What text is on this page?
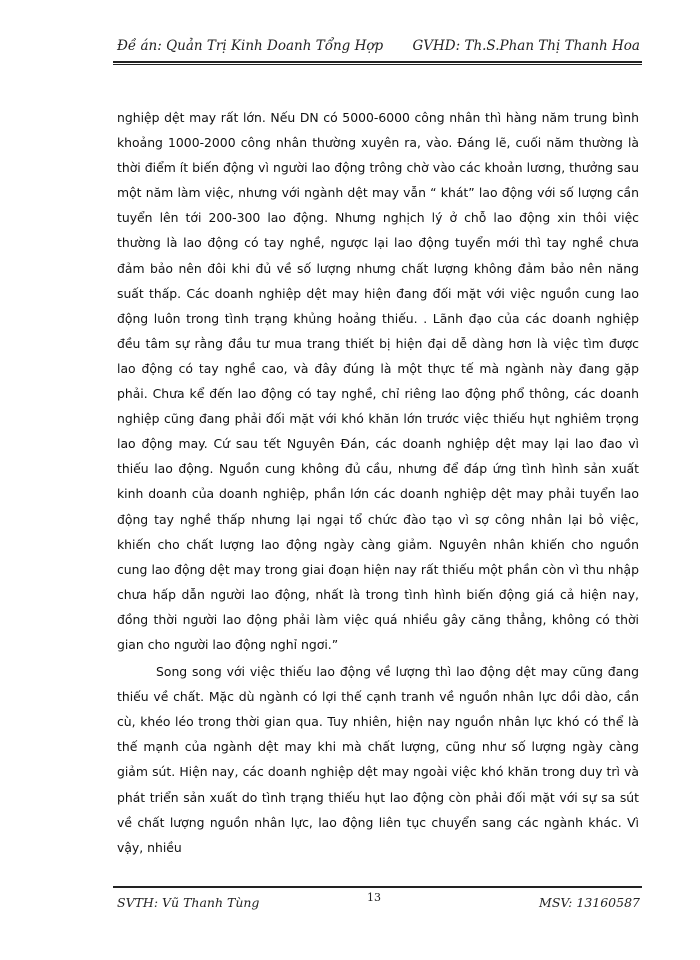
Đề án: Quản Trị Kinh Doanh Tổng Hợp GVHD: Th.S.Phan Thị Thanh Hoa

nghiệp dệt may rất lớn. Nếu DN có 5000-6000 công nhân thì hàng năm trung bình khoảng 1000-2000 công nhân thường xuyên ra, vào. Đáng lẽ, cuối năm thường là thời điểm ít biến động vì người lao động trông chờ vào các khoản lương, thưởng sau một năm làm việc, nhưng với ngành dệt may vẫn “ khát” lao động với số lượng cần tuyển lên tới 200-300 lao động. Nhưng nghịch lý ở chỗ lao động xin thôi việc thường là lao động có tay nghề, ngược lại lao động tuyển mới thì tay nghề chưa đảm bảo nên đôi khi đủ về số lượng nhưng chất lượng không đảm bảo nên năng suất thấp. Các doanh nghiệp dệt may hiện đang đối mặt với việc nguồn cung lao động luôn trong tình trạng khủng hoảng thiếu. . Lãnh đạo của các doanh nghiệp đều tâm sự rằng đầu tư mua trang thiết bị hiện đại dễ dàng hơn là việc tìm được lao động có tay nghề cao, và đây đúng là một thực tế mà ngành này đang gặp phải. Chưa kể đến lao động có tay nghề, chỉ riêng lao động phổ thông, các doanh nghiệp cũng đang phải đối mặt với khó khăn lớn trước việc thiếu hụt nghiêm trọng lao động may. Cứ sau tết Nguyên Đán, các doanh nghiệp dệt may lại lao đao vì thiếu lao động. Nguồn cung không đủ cầu, nhưng để đáp ứng tình hình sản xuất kinh doanh của doanh nghiệp, phần lớn các doanh nghiệp dệt may phải tuyển lao động tay nghề thấp nhưng lại ngại tổ chức đào tạo vì sợ công nhân lại bỏ việc, khiến cho chất lượng lao động ngày càng giảm. Nguyên nhân khiến cho nguồn cung lao động dệt may trong giai đoạn hiện nay rất thiếu một phần còn vì thu nhập chưa hấp dẫn người lao động, nhất là trong tình hình biến động giá cả hiện nay, đồng thời người lao động phải làm việc quá nhiều gây căng thẳng, không có thời gian cho người lao động nghỉ ngơi.”

Song song với việc thiếu lao động về lượng thì lao động dệt may cũng đang thiếu về chất. Mặc dù ngành có lợi thế cạnh tranh về nguồn nhân lực dồi dào, cần cù, khéo léo trong thời gian qua. Tuy nhiên, hiện nay nguồn nhân lực khó có thể là thế mạnh của ngành dệt may khi mà chất lượng, cũng như số lượng ngày càng giảm sút. Hiện nay, các doanh nghiệp dệt may ngoài việc khó khăn trong duy trì và phát triển sản xuất do tình trạng thiếu hụt lao động còn phải đối mặt với sự sa sút về chất lượng nguồn nhân lực, lao động liên tục chuyển sang các ngành khác. Vì vậy, nhiều

SVTH: Vũ Thanh Tùng	13	MSV: 13160587
